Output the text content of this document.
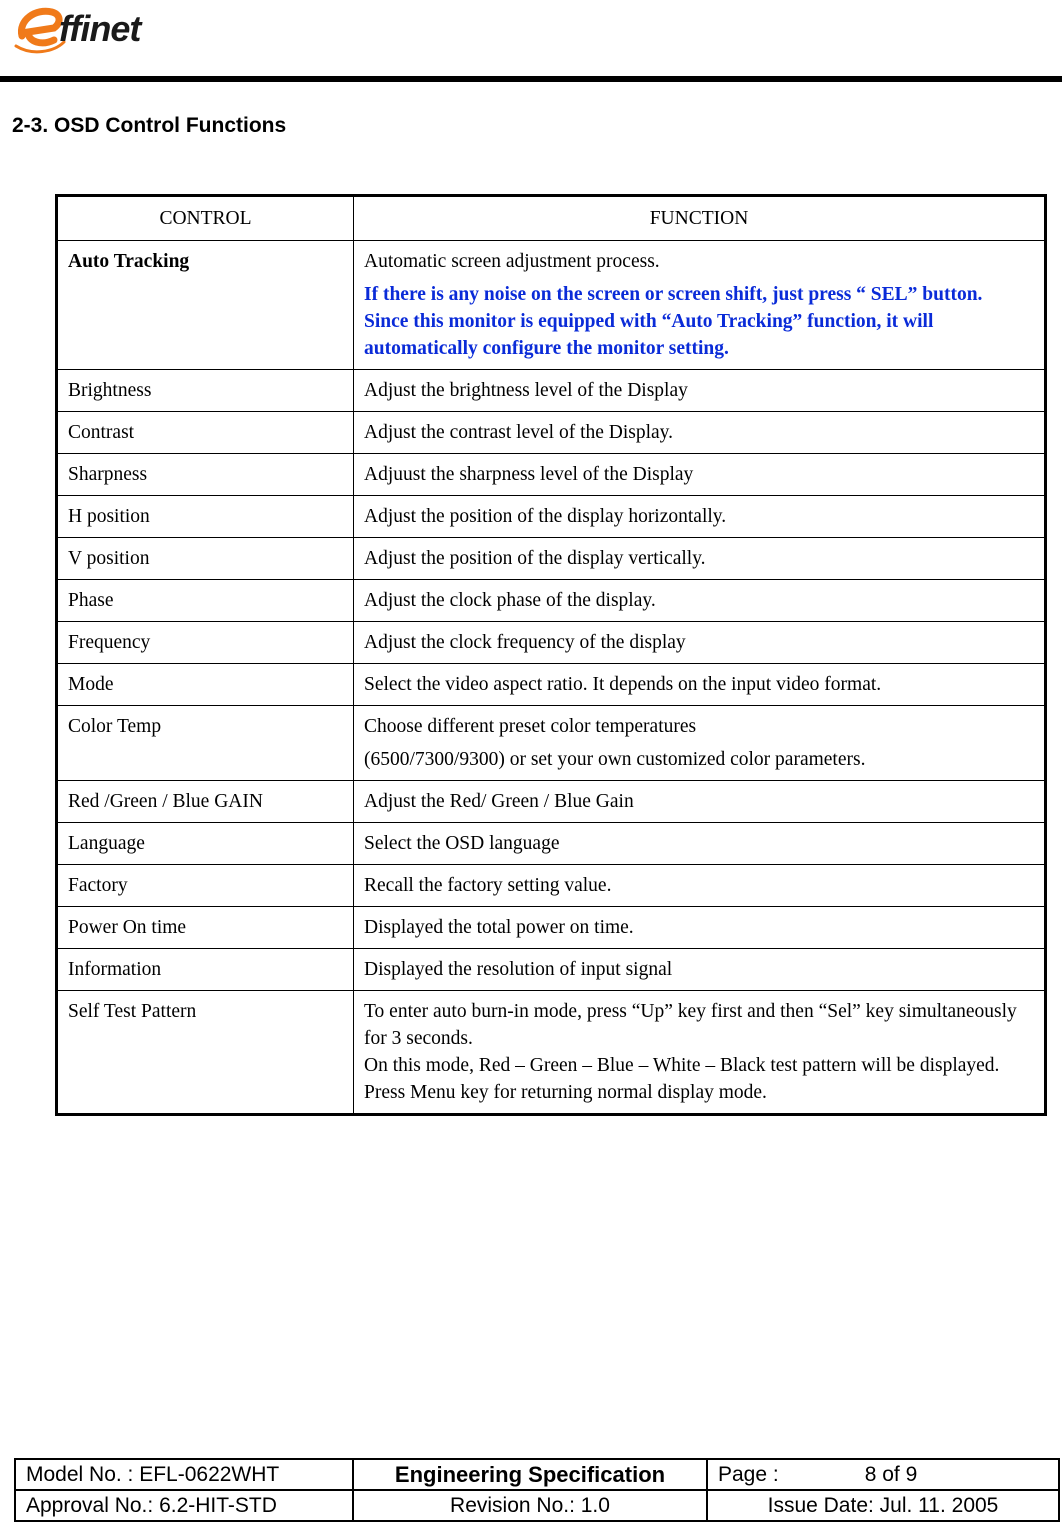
ffinet
2-3. OSD Control Functions
CONTROL	FUNCTION
Auto Tracking	Automatic screen adjustment process.
If there is any noise on the screen or screen shift, just press “ SEL” button.
Since this monitor is equipped with “Auto Tracking” function, it will automatically configure the monitor setting.

Brightness	Adjust the brightness level of the Display
Contrast	Adjust the contrast level of the Display.
Sharpness	Adjuust the sharpness level of the Display
H position	Adjust the position of the display horizontally.
V position	Adjust the position of the display vertically.
Phase	Adjust the clock phase of the display.
Frequency	Adjust the clock frequency of the display
Mode	Select the video aspect ratio. It depends on the input video format.
Color Temp	Choose different preset color temperatures
(6500/7300/9300) or set your own customized color parameters.

Red /Green / Blue GAIN	Adjust the Red/ Green / Blue Gain
Language	Select the OSD language
Factory	Recall the factory setting value.
Power On time	Displayed the total power on time.
Information	Displayed the resolution of input signal
Self Test Pattern	To enter auto burn-in mode, press “Up” key first and then “Sel” key simultaneously for 3 seconds.
On this mode, Red – Green – Blue – White – Black test pattern will be displayed. Press Menu key for returning normal display mode.
Model No. : EFL-0622WHT	Engineering Specification	Page : 8 of 9
Approval No.: 6.2-HIT-STD	Revision No.: 1.0	Issue Date: Jul. 11. 2005
